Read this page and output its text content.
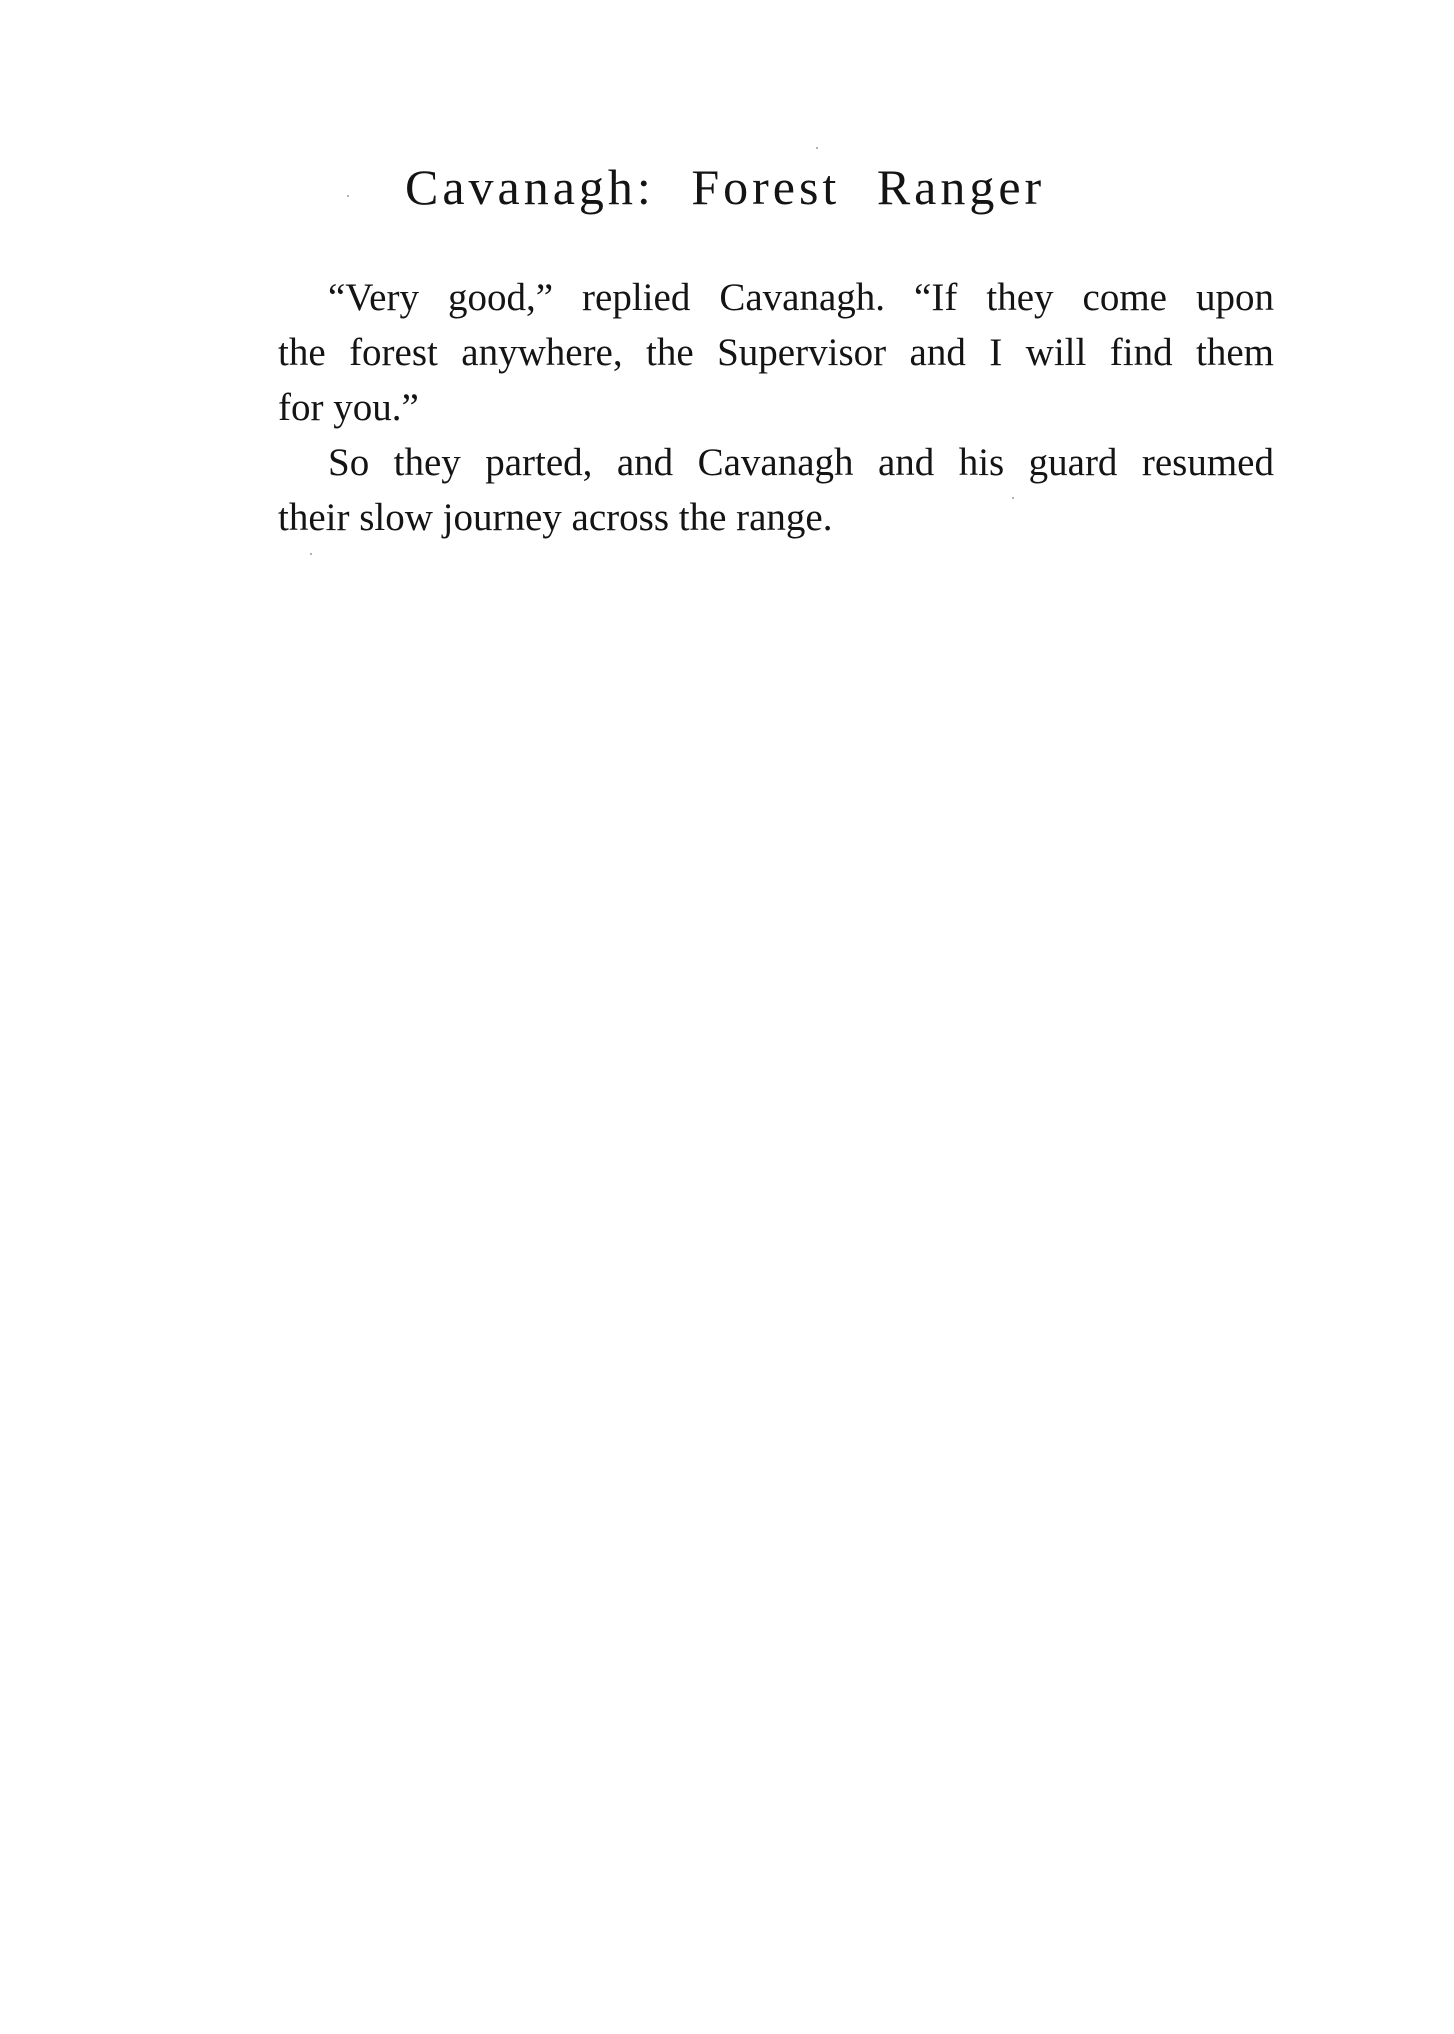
Cavanagh: Forest Ranger
“Very good,” replied Cavanagh. “If they come upon
the forest anywhere, the Supervisor and I will find them
for you.”
So they parted, and Cavanagh and his guard resumed
their slow journey across the range.
